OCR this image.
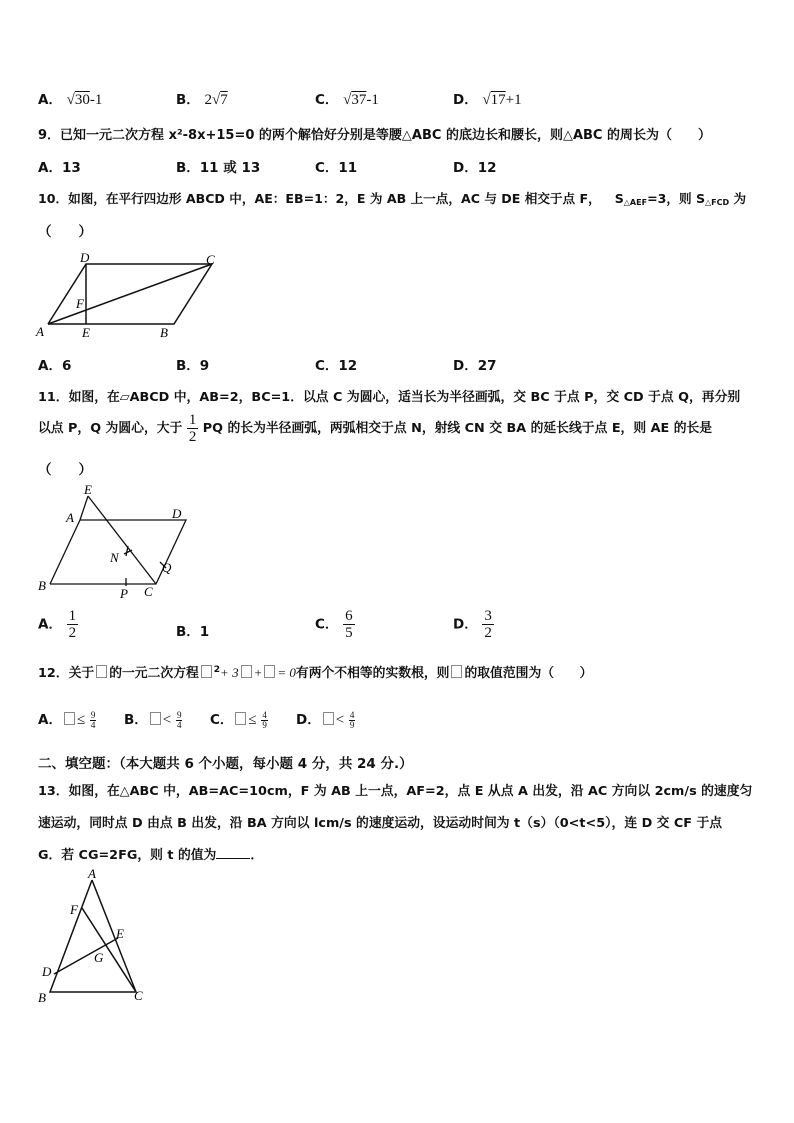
A． √30-1	B． 2√7	C． √37-1	D． √17+1
9．已知一元二次方程 x²-8x+15=0 的两个解恰好分别是等腰△ABC 的底边长和腰长，则△ABC 的周长为（　　）
A．13	B．11 或 13	C．11	D．12
10．如图，在平行四边形 ABCD 中，AE：EB=1：2，E 为 AB 上一点，AC 与 DE 相交于点 F， $S_{\triangle AEF}=3$，则 $S_{\triangle FCD}$ 为
（　　）
D	C
A	E	B
F
A．6	B．9	C．12	D．27
11．如图，在▱ABCD 中，AB=2，BC=1．以点 C 为圆心，适当长为半径画弧，交 BC 于点 P，交 CD 于点 Q，再分别
以点 P，Q 为圆心，大于 $\frac{1}{2}$ PQ 的长为半径画弧，两弧相交于点 N，射线 CN 交 BA 的延长线于点 E，则 AE 的长是
（　　）
E
A	D
N
Q
B
P C
A． $\frac{1}{2}$	B．1	C． $\frac{6}{5}$	D． $\frac{3}{2}$
12．关于 的一元二次方程 $^2$+ 3 + = 0有两个不相等的实数根，则 的取值范围为（　　）
A． ≤ $\frac{9}{4}$ B． < $\frac{9}{4}$ C． ≤ $\frac{4}{9}$ D． < $\frac{4}{9}$
二、填空题：（本大题共 6 个小题，每小题 4 分，共 24 分.）
13．如图，在△ABC 中，AB=AC=10cm，F 为 AB 上一点，AF=2，点 E 从点 A 出发，沿 AC 方向以 2cm/s 的速度匀
速运动，同时点 D 由点 B 出发，沿 BA 方向以 lcm/s 的速度运动，设运动时间为 t（s）（0<t<5），连 D 交 CF 于点
G．若 CG=2FG，则 t 的值为	．
A
F
E
G
D
B	C
